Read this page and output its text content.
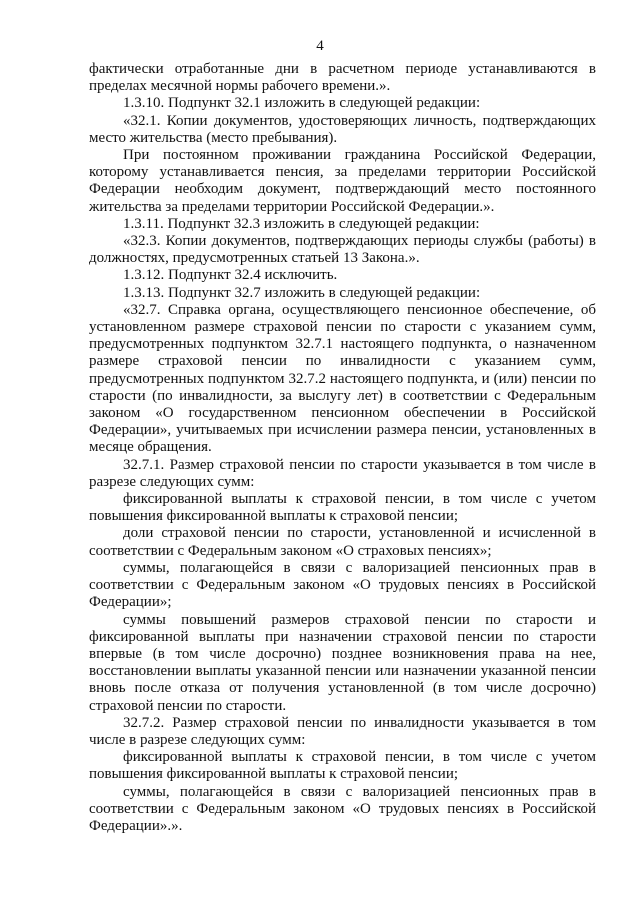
4

фактически отработанные дни в расчетном периоде устанавливаются в пределах месячной нормы рабочего времени.».

1.3.10. Подпункт 32.1 изложить в следующей редакции:

«32.1. Копии документов, удостоверяющих личность, подтверждающих место жительства (место пребывания).

При постоянном проживании гражданина Российской Федерации, которому устанавливается пенсия, за пределами территории Российской Федерации необходим документ, подтверждающий место постоянного жительства за пределами территории Российской Федерации.».

1.3.11. Подпункт 32.3 изложить в следующей редакции:

«32.3. Копии документов, подтверждающих периоды службы (работы) в должностях, предусмотренных статьей 13 Закона.».

1.3.12. Подпункт 32.4 исключить.

1.3.13. Подпункт 32.7 изложить в следующей редакции:

«32.7. Справка органа, осуществляющего пенсионное обеспечение, об установленном размере страховой пенсии по старости с указанием сумм, предусмотренных подпунктом 32.7.1 настоящего подпункта, о назначенном размере страховой пенсии по инвалидности с указанием сумм, предусмотренных подпунктом 32.7.2 настоящего подпункта, и (или) пенсии по старости (по инвалидности, за выслугу лет) в соответствии с Федеральным законом «О государственном пенсионном обеспечении в Российской Федерации», учитываемых при исчислении размера пенсии, установленных в месяце обращения.

32.7.1. Размер страховой пенсии по старости указывается в том числе в разрезе следующих сумм:

фиксированной выплаты к страховой пенсии, в том числе с учетом повышения фиксированной выплаты к страховой пенсии;

доли страховой пенсии по старости, установленной и исчисленной в соответствии с Федеральным законом «О страховых пенсиях»;

суммы, полагающейся в связи с валоризацией пенсионных прав в соответствии с Федеральным законом «О трудовых пенсиях в Российской Федерации»;

суммы повышений размеров страховой пенсии по старости и фиксированной выплаты при назначении страховой пенсии по старости впервые (в том числе досрочно) позднее возникновения права на нее, восстановлении выплаты указанной пенсии или назначении указанной пенсии вновь после отказа от получения установленной (в том числе досрочно) страховой пенсии по старости.

32.7.2. Размер страховой пенсии по инвалидности указывается в том числе в разрезе следующих сумм:

фиксированной выплаты к страховой пенсии, в том числе с учетом повышения фиксированной выплаты к страховой пенсии;

суммы, полагающейся в связи с валоризацией пенсионных прав в соответствии с Федеральным законом «О трудовых пенсиях в Российской Федерации».».
